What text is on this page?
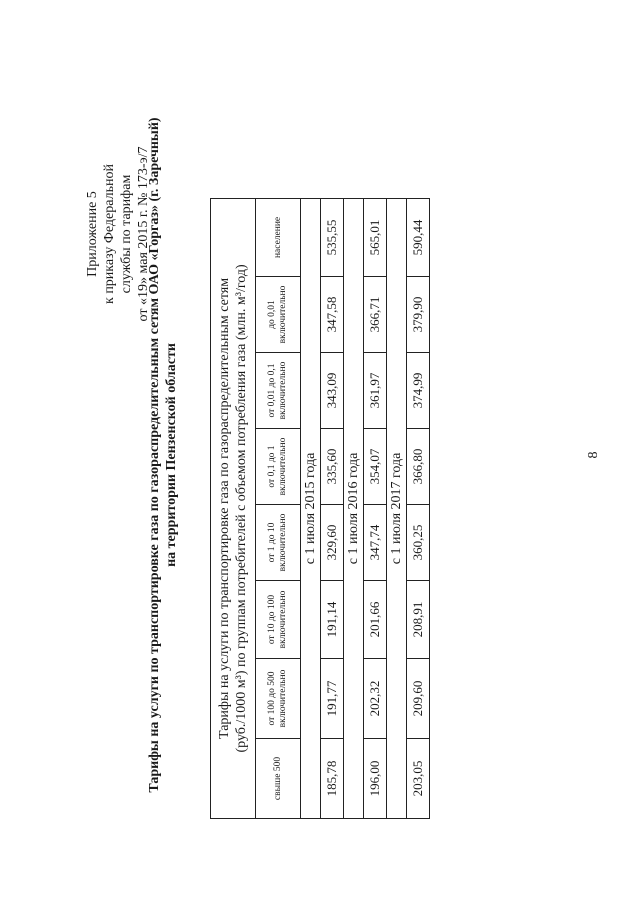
Приложение 5 к приказу Федеральной службы по тарифам от «19» мая 2015 г. № 173-э/7
Тарифы на услуги по транспортировке газа по газораспределительным сетям ОАО «Горгаз» (г. Заречный) на территории Пензенской области	Тарифы на услуги по транспортировке газа по газораспределительным сетям (руб./1000 м³) по группам потребителей с объемом потребления газа (млн. м³/год)							

свыше 500	от 100 до 500 включительно	от 10 до 100 включительно	от 1 до 10 включительно	от 0,1 до 1 включительно	от 0,01 до 0,1 включительно	до 0,01 включительно	население
с 1 июля 2015 года							
185,78	191,77	191,14	329,60	335,60	343,09	347,58	535,55
с 1 июля 2016 года							
196,00	202,32	201,66	347,74	354,07	361,97	366,71	565,01
с 1 июля 2017 года							
203,05	209,60	208,91	360,25	366,80	374,99	379,90	590,44
8
